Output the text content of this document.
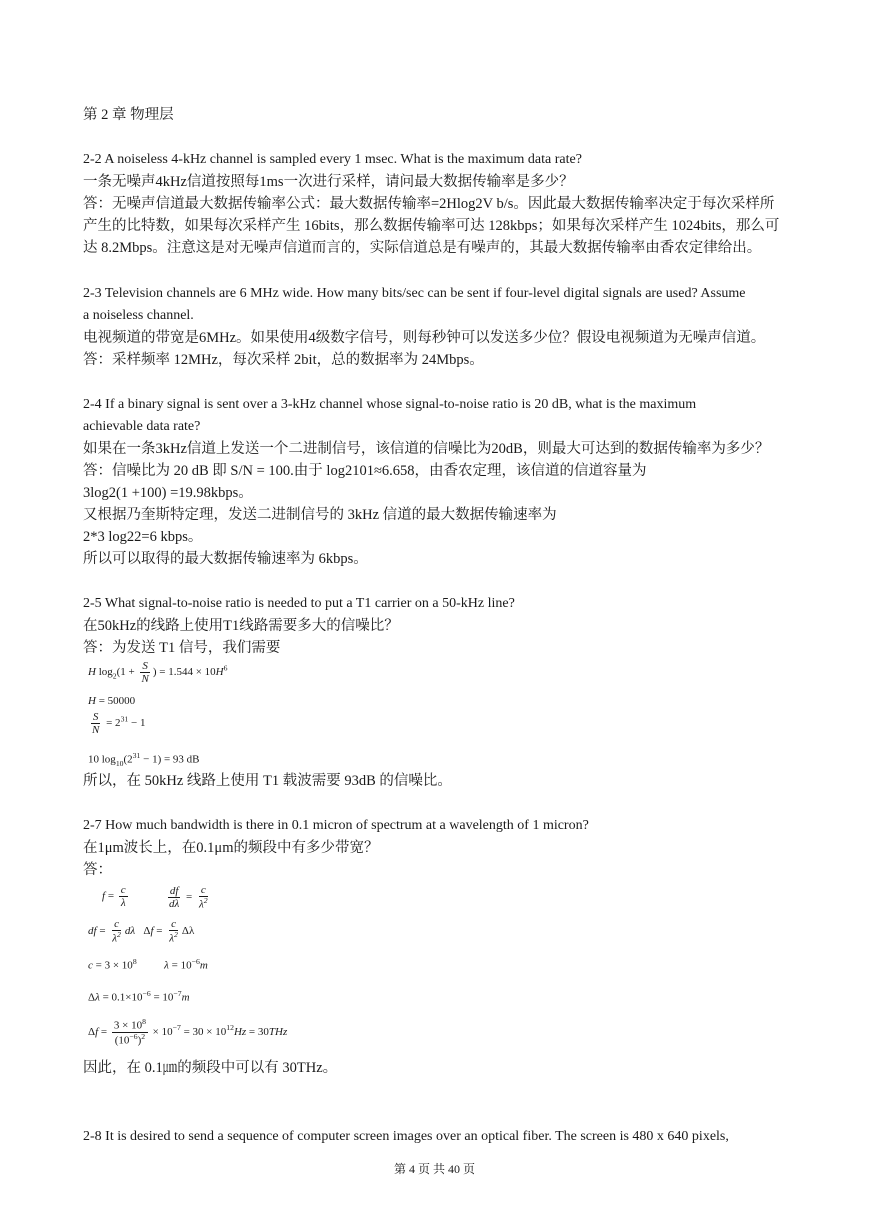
第 2 章 物理层
2-2 A noiseless 4-kHz channel is sampled every 1 msec. What is the maximum data rate?
一条无噪声4kHz信道按照每1ms一次进行采样，请问最大数据传输率是多少？
答：无噪声信道最大数据传输率公式：最大数据传输率=2Hlog2V b/s。因此最大数据传输率决定于每次采样所
产生的比特数，如果每次采样产生 16bits，那么数据传输率可达 128kbps；如果每次采样产生 1024bits，那么可
达 8.2Mbps。注意这是对无噪声信道而言的，实际信道总是有噪声的，其最大数据传输率由香农定律给出。
2-3 Television channels are 6 MHz wide. How many bits/sec can be sent if four-level digital signals are used? Assume
a noiseless channel.
电视频道的带宽是6MHz。如果使用4级数字信号，则每秒钟可以发送多少位？假设电视频道为无噪声信道。
答：采样频率 12MHz，每次采样 2bit，总的数据率为 24Mbps。
2-4 If a binary signal is sent over a 3-kHz channel whose signal-to-noise ratio is 20 dB, what is the maximum
achievable data rate?
如果在一条3kHz信道上发送一个二进制信号，该信道的信噪比为20dB，则最大可达到的数据传输率为多少？
答：信噪比为 20 dB 即 S/N = 100.由于 log2101≈6.658，由香农定理，该信道的信道容量为
3log2(1 +100) =19.98kbps。
又根据乃奎斯特定理，发送二进制信号的 3kHz 信道的最大数据传输速率为
2*3 log22=6 kbps。
所以可以取得的最大数据传输速率为 6kbps。
2-5 What signal-to-noise ratio is needed to put a T1 carrier on a 50-kHz line?
在50kHz的线路上使用T1线路需要多大的信噪比？
答：为发送 T1 信号，我们需要
H $\log_2(1 + \frac{S}{N}$ ) = $1.544 \times 10H^6$
H = 50000
$\frac{S}{N} = 2^{31} - 1$
10 $\log_{10}(2^{31} - 1) = 93$ dB
所以，在 50kHz 线路上使用 T1 载波需要 93dB 的信噪比。
2-7 How much bandwidth is there in 0.1 micron of spectrum at a wavelength of 1 micron?
在1μm波长上，在0.1μm的频段中有多少带宽？
答：
$f = \frac{c}{\lambda}$	$\frac{df}{d\lambda} = \frac{c}{\lambda^2}$
df = $\frac{c}{\lambda^2}$ dλ   $\Delta f = \frac{c}{\lambda^2}$ Δλ
$c = 3 \times 10^8$	$\lambda = 10^{-6}m$
$\Delta\lambda = 0.1\times 10^{-6} = 10^{-7}m$
$\Delta f = \frac{3 \times 10^8}{(10^{-6})^2} \times 10^{-7} = 30 \times 10^{12}Hz = 30THz$
因此，在 0.1㎛的频段中可以有 30THz。
2-8 It is desired to send a sequence of computer screen images over an optical fiber. The screen is 480 x 640 pixels,
第 4 页 共 40 页
